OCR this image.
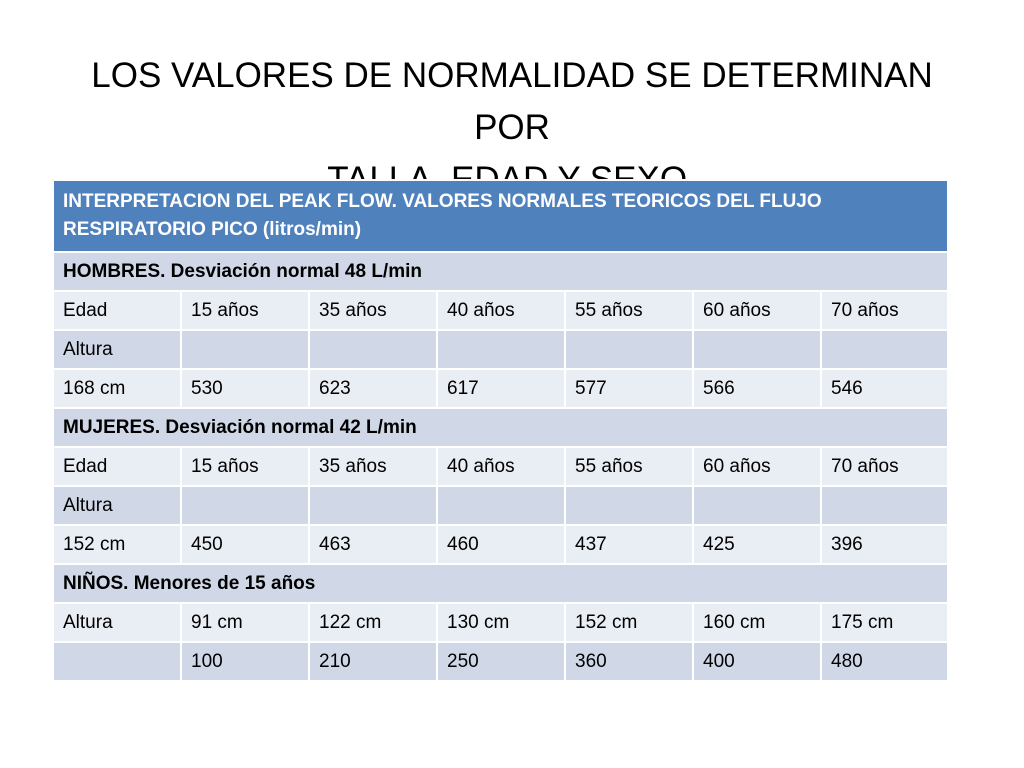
LOS VALORES DE NORMALIDAD SE DETERMINAN POR

INTERPRETACION DEL PEAK FLOW. VALORES NORMALES TEORICOS DEL FLUJO RESPIRATORIO PICO (litros/min)						
HOMBRES. Desviación normal 48 L/min						
Edad	15 años	35 años	40 años	55 años	60 años	70 años
Altura						
168 cm	530	623	617	577	566	546
MUJERES. Desviación normal 42 L/min						
Edad	15 años	35 años	40 años	55 años	60 años	70 años
Altura						
152 cm	450	463	460	437	425	396
NIÑOS. Menores de 15 años						
Altura	91 cm	122 cm	130 cm	152 cm	160 cm	175 cm
	100	210	250	360	400	480
